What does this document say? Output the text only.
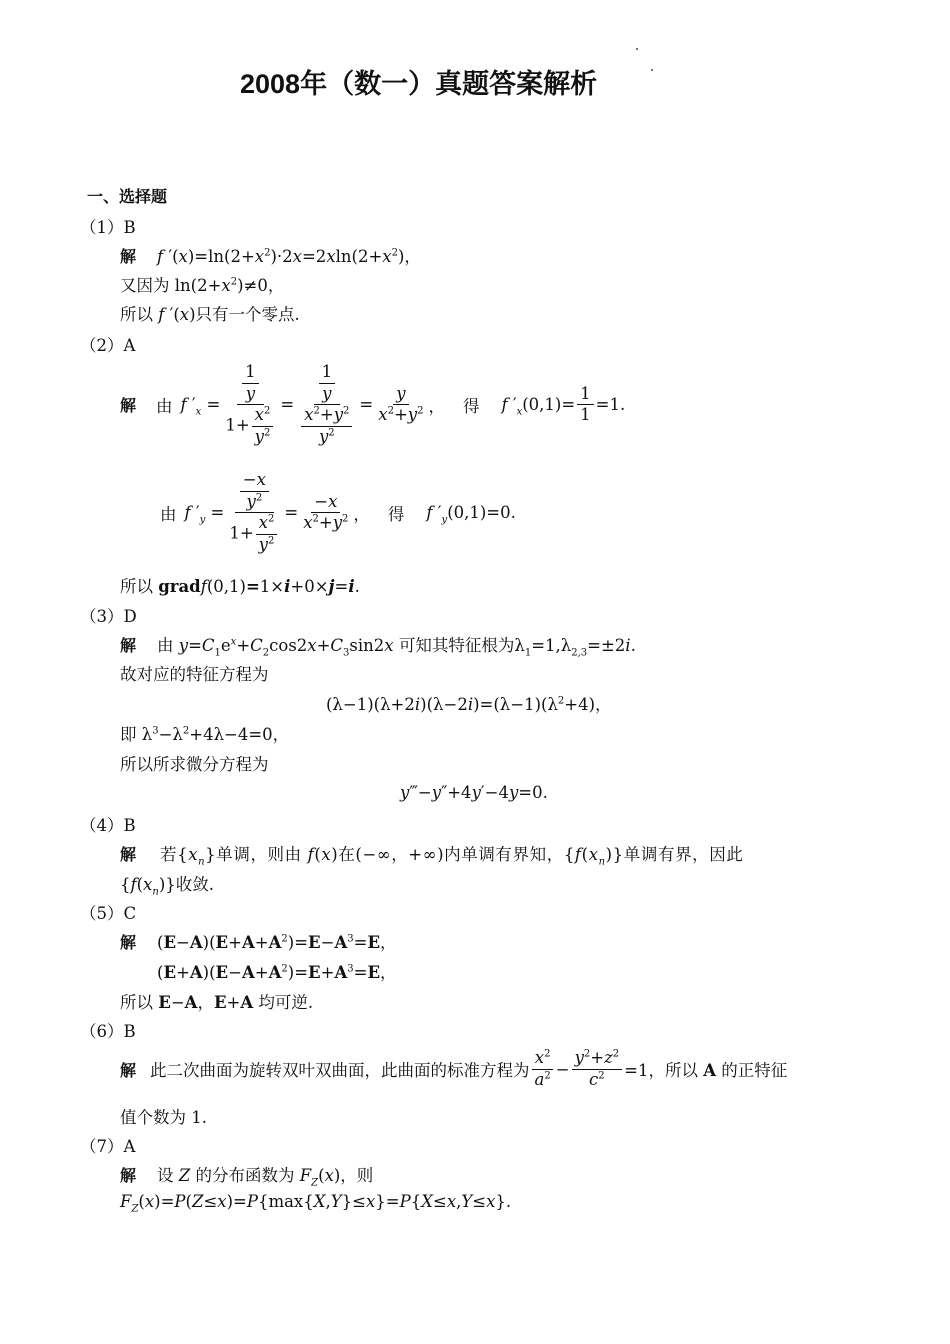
2008年（数一）真题答案解析
一、选择题
（1）B
解 f $'(x)=\ln(2+x^2)\cdot 2x=2xln(2+x^2)$，
又因为 $\ln(2+x^2)\ne 0$，
所以 f ′(x)只有一个零点.
（2）A
解 由 f $'_x = \frac{\frac{1}{y}}{1+ \frac{x^2}{y^2}} = \frac{\frac{1}{y}}{\frac{x^2+y^2}{y^2}} = \frac{y}{x^2+y^2}$ ， 得 f $'_x(0,1)= \frac{1}{1} =1$.
由 f $'_y = \frac{\frac{-x}{y^2}}{1+ \frac{x^2}{y^2}} = \frac{-x}{x^2+y^2}$ ， 得 f $'_y(0,1)=0$.
所以 gradf(0,1)=1×i+0×j=i.
（3）D
解    由 $y=C_1e^x+C_2\cos 2x+C_3\sin 2x$ 可知其特征根为$\lambda_1=1,\lambda_{2,3}=\pm 2i$.
故对应的特征方程为
$(\lambda-1)(\lambda+2i)(\lambda-2i)=(\lambda-1)(\lambda^2+4)$，
即 $\lambda^3-\lambda^2+4\lambda-4=0$，
所以所求微分方程为
y‴−y″+4y′−4y=0.
（4）B
解    若$\{x_n\}$单调，则由 f(x)在(−∞，+∞)内单调有界知，$\{f(x_n)\}$单调有界，因此
$\{f(x_n)\}$收敛.
（5）C
解    $(E-A)(E+A+A^2)=E-A^3=E$，
$(E+A)(E-A+A^2)=E+A^3=E$，
所以 E−A，E+A 均可逆.
（6）B
解 此二次曲面为旋转双叶双曲面，此曲面的标准方程为 $\frac{x^2}{a^2} - \frac{y^2+z^2}{c^2} =1$，所以 A 的正特征
值个数为 1.
（7）A
解    设 Z 的分布函数为 $F_Z(x)$，则
$F_Z(x)=P(Z\le x)=P\{\max\{X,Y\}\le x\}=P\{X\le x,Y\le x\}$.
